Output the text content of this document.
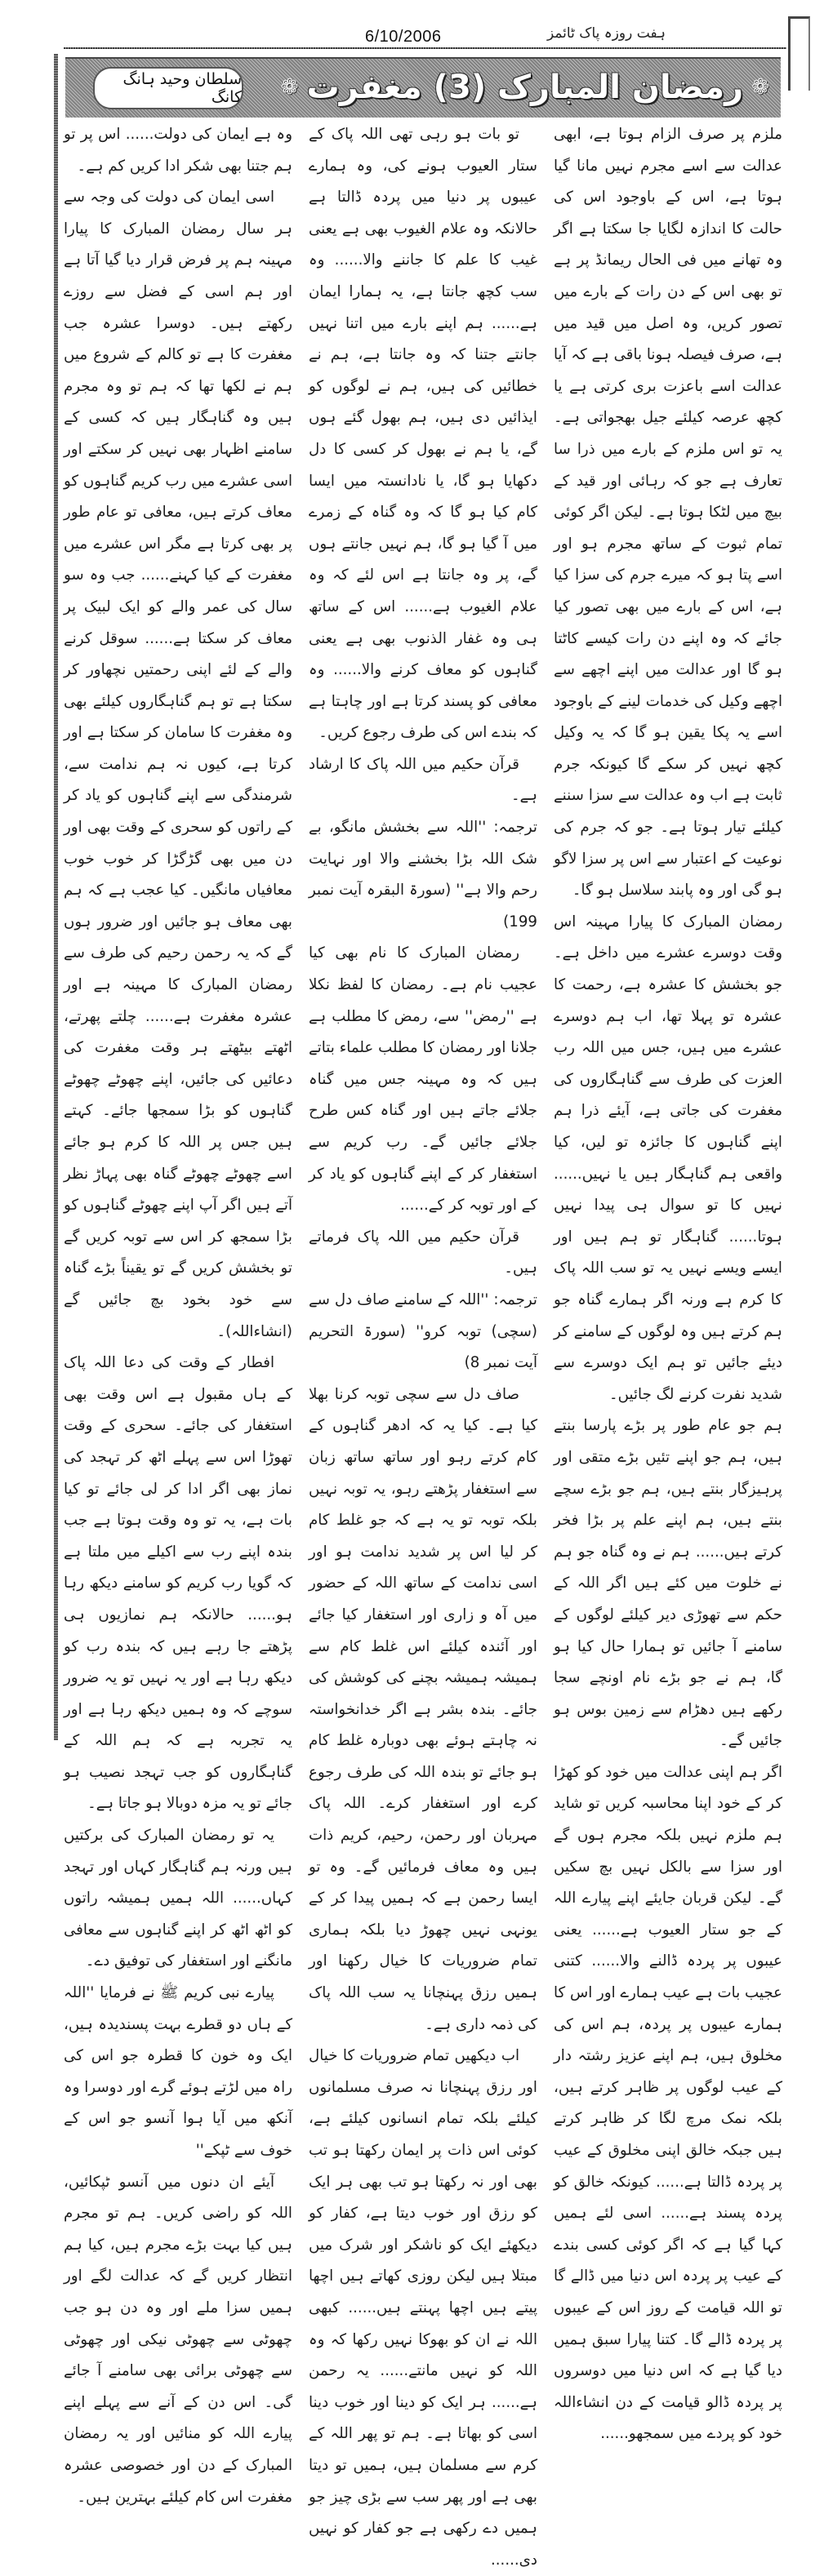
ہفت روزہ پاک ٹائمز
6/10/2006
❁
رمضان المبارک (3) مغفرت
❁
سلطان وحید ہانگ کانگ

ملزم پر صرف الزام ہوتا ہے، ابھی عدالت سے اسے مجرم نہیں مانا گیا ہوتا ہے، اس کے باوجود اس کی حالت کا اندازہ لگایا جا سکتا ہے اگر وہ تھانے میں فی الحال ریمانڈ پر ہے تو بھی اس کے دن رات کے بارے میں تصور کریں، وہ اصل میں قید میں ہے، صرف فیصلہ ہونا باقی ہے کہ آیا عدالت اسے باعزت بری کرتی ہے یا کچھ عرصہ کیلئے جیل بھجواتی ہے۔ یہ تو اس ملزم کے بارے میں ذرا سا تعارف ہے جو کہ رہائی اور قید کے بیچ میں لٹکا ہوتا ہے۔ لیکن اگر کوئی تمام ثبوت کے ساتھ مجرم ہو اور اسے پتا ہو کہ میرے جرم کی سزا کیا ہے، اس کے بارے میں بھی تصور کیا جائے کہ وہ اپنے دن رات کیسے کاٹتا ہو گا اور عدالت میں اپنے اچھے سے اچھے وکیل کی خدمات لینے کے باوجود اسے یہ پکا یقین ہو گا کہ یہ وکیل کچھ نہیں کر سکے گا کیونکہ جرم ثابت ہے اب وہ عدالت سے سزا سننے کیلئے تیار ہوتا ہے۔ جو کہ جرم کی نوعیت کے اعتبار سے اس پر سزا لاگو ہو گی اور وہ پابند سلاسل ہو گا۔

رمضان المبارک کا پیارا مہینہ اس وقت دوسرے عشرے میں داخل ہے۔ جو بخشش کا عشرہ ہے، رحمت کا عشرہ تو پہلا تھا، اب ہم دوسرے عشرے میں ہیں، جس میں اللہ رب العزت کی طرف سے گناہگاروں کی مغفرت کی جاتی ہے، آیئے ذرا ہم اپنے گناہوں کا جائزہ تو لیں، کیا واقعی ہم گناہگار ہیں یا نہیں...... نہیں کا تو سوال ہی پیدا نہیں ہوتا...... گناہگار تو ہم ہیں اور ایسے ویسے نہیں یہ تو سب اللہ پاک کا کرم ہے ورنہ اگر ہمارے گناہ جو ہم کرتے ہیں وہ لوگوں کے سامنے کر دیئے جائیں تو ہم ایک دوسرے سے شدید نفرت کرنے لگ جائیں۔

ہم جو عام طور پر بڑے پارسا بنتے ہیں، ہم جو اپنے تئیں بڑے متقی اور پرہیزگار بنتے ہیں، ہم جو بڑے سچے بنتے ہیں، ہم اپنے علم پر بڑا فخر کرتے ہیں...... ہم نے وہ گناہ جو ہم نے خلوت میں کئے ہیں اگر اللہ کے حکم سے تھوڑی دیر کیلئے لوگوں کے سامنے آ جائیں تو ہمارا حال کیا ہو گا، ہم نے جو بڑے نام اونچے سجا رکھے ہیں دھڑام سے زمین بوس ہو جائیں گے۔

اگر ہم اپنی عدالت میں خود کو کھڑا کر کے خود اپنا محاسبہ کریں تو شاید ہم ملزم نہیں بلکہ مجرم ہوں گے اور سزا سے بالکل نہیں بچ سکیں گے۔ لیکن قربان جایئے اپنے پیارے اللہ کے جو ستار العیوب ہے...... یعنی عیبوں پر پردہ ڈالنے والا...... کتنی عجیب بات ہے عیب ہمارے اور اس کا ہمارے عیبوں پر پردہ، ہم اس کی مخلوق ہیں، ہم اپنے عزیز رشتہ دار کے عیب لوگوں پر ظاہر کرتے ہیں، بلکہ نمک مرچ لگا کر ظاہر کرتے ہیں جبکہ خالق اپنی مخلوق کے عیب پر پردہ ڈالتا ہے...... کیونکہ خالق کو پردہ پسند ہے...... اسی لئے ہمیں کہا گیا ہے کہ اگر کوئی کسی بندے کے عیب پر پردہ اس دنیا میں ڈالے گا تو اللہ قیامت کے روز اس کے عیبوں پر پردہ ڈالے گا۔ کتنا پیارا سبق ہمیں دیا گیا ہے کہ اس دنیا میں دوسروں پر پردہ ڈالو قیامت کے دن انشاءاللہ خود کو پردے میں سمجھو......

تو بات ہو رہی تھی اللہ پاک کے ستار العیوب ہونے کی، وہ ہمارے عیبوں پر دنیا میں پردہ ڈالتا ہے حالانکہ وہ علام الغیوب بھی ہے یعنی غیب کا علم کا جاننے والا...... وہ سب کچھ جانتا ہے، یہ ہمارا ایمان ہے...... ہم اپنے بارے میں اتنا نہیں جانتے جتنا کہ وہ جانتا ہے، ہم نے خطائیں کی ہیں، ہم نے لوگوں کو ایذائیں دی ہیں، ہم بھول گئے ہوں گے، یا ہم نے بھول کر کسی کا دل دکھایا ہو گا، یا نادانستہ میں ایسا کام کیا ہو گا کہ وہ گناہ کے زمرے میں آ گیا ہو گا، ہم نہیں جانتے ہوں گے، پر وہ جانتا ہے اس لئے کہ وہ علام الغیوب ہے...... اس کے ساتھ ہی وہ غفار الذنوب بھی ہے یعنی گناہوں کو معاف کرنے والا...... وہ معافی کو پسند کرتا ہے اور چاہتا ہے کہ بندے اس کی طرف رجوع کریں۔

قرآن حکیم میں اللہ پاک کا ارشاد ہے۔

ترجمہ: ''اللہ سے بخشش مانگو، بے شک اللہ بڑا بخشنے والا اور نہایت رحم والا ہے'' (سورۃ البقرہ آیت نمبر 199)

رمضان المبارک کا نام بھی کیا عجیب نام ہے۔ رمضان کا لفظ نکلا ہے ''رمض'' سے، رمض کا مطلب ہے جلانا اور رمضان کا مطلب علماء بتاتے ہیں کہ وہ مہینہ جس میں گناہ جلائے جاتے ہیں اور گناہ کس طرح جلائے جائیں گے۔ رب کریم سے استغفار کر کے اپنے گناہوں کو یاد کر کے اور توبہ کر کے......

قرآن حکیم میں اللہ پاک فرماتے ہیں۔

ترجمہ: ''اللہ کے سامنے صاف دل سے (سچی) توبہ کرو'' (سورۃ التحریم آیت نمبر 8)

صاف دل سے سچی توبہ کرنا بھلا کیا ہے۔ کیا یہ کہ ادھر گناہوں کے کام کرتے رہو اور ساتھ ساتھ زبان سے استغفار پڑھتے رہو، یہ توبہ نہیں بلکہ توبہ تو یہ ہے کہ جو غلط کام کر لیا اس پر شدید ندامت ہو اور اسی ندامت کے ساتھ اللہ کے حضور میں آہ و زاری اور استغفار کیا جائے اور آئندہ کیلئے اس غلط کام سے ہمیشہ ہمیشہ بچنے کی کوشش کی جائے۔ بندہ بشر ہے اگر خدانخواستہ نہ چاہتے ہوئے بھی دوبارہ غلط کام ہو جائے تو بندہ اللہ کی طرف رجوع کرے اور استغفار کرے۔ اللہ پاک مہربان اور رحمن، رحیم، کریم ذات ہیں وہ معاف فرمائیں گے۔ وہ تو ایسا رحمن ہے کہ ہمیں پیدا کر کے یونہی نہیں چھوڑ دیا بلکہ ہماری تمام ضروریات کا خیال رکھنا اور ہمیں رزق پہنچانا یہ سب اللہ پاک کی ذمہ داری ہے۔

اب دیکھیں تمام ضروریات کا خیال اور رزق پہنچانا نہ صرف مسلمانوں کیلئے بلکہ تمام انسانوں کیلئے ہے، کوئی اس ذات پر ایمان رکھتا ہو تب بھی اور نہ رکھتا ہو تب بھی ہر ایک کو رزق اور خوب دیتا ہے، کفار کو دیکھئے ایک کو ناشکر اور شرک میں مبتلا ہیں لیکن روزی کھاتے ہیں اچھا پیتے ہیں اچھا پہنتے ہیں...... کبھی اللہ نے ان کو بھوکا نہیں رکھا کہ وہ اللہ کو نہیں مانتے...... یہ رحمن ہے...... ہر ایک کو دینا اور خوب دینا اسی کو بھاتا ہے۔ ہم تو پھر اللہ کے کرم سے مسلمان ہیں، ہمیں تو دیتا بھی ہے اور پھر سب سے بڑی چیز جو ہمیں دے رکھی ہے جو کفار کو نہیں دی......

وہ ہے ایمان کی دولت...... اس پر تو ہم جتنا بھی شکر ادا کریں کم ہے۔

اسی ایمان کی دولت کی وجہ سے ہر سال رمضان المبارک کا پیارا مہینہ ہم پر فرض قرار دیا گیا آتا ہے اور ہم اسی کے فضل سے روزے رکھتے ہیں۔ دوسرا عشرہ جب مغفرت کا ہے تو کالم کے شروع میں ہم نے لکھا تھا کہ ہم تو وہ مجرم ہیں وہ گناہگار ہیں کہ کسی کے سامنے اظہار بھی نہیں کر سکتے اور اسی عشرے میں رب کریم گناہوں کو معاف کرتے ہیں، معافی تو عام طور پر بھی کرتا ہے مگر اس عشرے میں مغفرت کے کیا کہنے...... جب وہ سو سال کی عمر والے کو ایک لبیک پر معاف کر سکتا ہے...... سوقل کرنے والے کے لئے اپنی رحمتیں نچھاور کر سکتا ہے تو ہم گناہگاروں کیلئے بھی وہ مغفرت کا سامان کر سکتا ہے اور کرتا ہے، کیوں نہ ہم ندامت سے، شرمندگی سے اپنے گناہوں کو یاد کر کے راتوں کو سحری کے وقت بھی اور دن میں بھی گڑگڑا کر خوب خوب معافیاں مانگیں۔ کیا عجب ہے کہ ہم بھی معاف ہو جائیں اور ضرور ہوں گے کہ یہ رحمن رحیم کی طرف سے رمضان المبارک کا مہینہ ہے اور عشرہ مغفرت ہے...... چلتے پھرتے، اٹھتے بیٹھتے ہر وقت مغفرت کی دعائیں کی جائیں، اپنے چھوٹے چھوٹے گناہوں کو بڑا سمجھا جائے۔ کہتے ہیں جس پر اللہ کا کرم ہو جائے اسے چھوٹے چھوٹے گناہ بھی پہاڑ نظر آتے ہیں اگر آپ اپنے چھوٹے گناہوں کو بڑا سمجھ کر اس سے توبہ کریں گے تو بخشش کریں گے تو یقیناً بڑے گناہ سے خود بخود بچ جائیں گے (انشاءاللہ)۔

افطار کے وقت کی دعا اللہ پاک کے ہاں مقبول ہے اس وقت بھی استغفار کی جائے۔ سحری کے وقت تھوڑا اس سے پہلے اٹھ کر تہجد کی نماز بھی اگر ادا کر لی جائے تو کیا بات ہے، یہ تو وہ وقت ہوتا ہے جب بندہ اپنے رب سے اکیلے میں ملتا ہے کہ گویا رب کریم کو سامنے دیکھ رہا ہو...... حالانکہ ہم نمازیوں ہی پڑھتے جا رہے ہیں کہ بندہ رب کو دیکھ رہا ہے اور یہ نہیں تو یہ ضرور سوچے کہ وہ ہمیں دیکھ رہا ہے اور یہ تجربہ ہے کہ ہم اللہ کے گناہگاروں کو جب تہجد نصیب ہو جائے تو یہ مزہ دوبالا ہو جاتا ہے۔

یہ تو رمضان المبارک کی برکتیں ہیں ورنہ ہم گناہگار کہاں اور تہجد کہاں...... اللہ ہمیں ہمیشہ راتوں کو اٹھ اٹھ کر اپنے گناہوں سے معافی مانگنے اور استغفار کی توفیق دے۔

پیارے نبی کریم ﷺ نے فرمایا ''اللہ کے ہاں دو قطرے بہت پسندیدہ ہیں، ایک وہ خون کا قطرہ جو اس کی راہ میں لڑتے ہوئے گرے اور دوسرا وہ آنکھ میں آیا ہوا آنسو جو اس کے خوف سے ٹپکے''

آیئے ان دنوں میں آنسو ٹپکائیں، اللہ کو راضی کریں۔ ہم تو مجرم ہیں کیا بہت بڑے مجرم ہیں، کیا ہم انتظار کریں گے کہ عدالت لگے اور ہمیں سزا ملے اور وہ دن ہو جب چھوٹی سے چھوٹی نیکی اور چھوٹی سے چھوٹی برائی بھی سامنے آ جائے گی۔ اس دن کے آنے سے پہلے اپنے پیارے اللہ کو منائیں اور یہ رمضان المبارک کے دن اور خصوصی عشرہ مغفرت اس کام کیلئے بہترین ہیں۔
